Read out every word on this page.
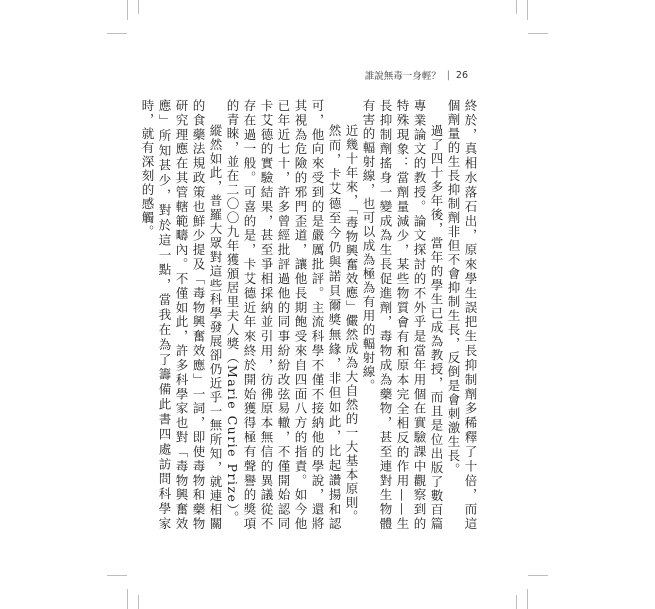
誰說無毒一身輕？ | 26

終於，真相水落石出，原來學生誤把生長抑制劑多稀釋了十倍，而這個劑量的生長抑制劑非但不會抑制生長，反倒是會刺激生長。

過了四十多年後，當年的學生已成為教授，而且是位出版了數百篇專業論文的教授。論文探討的不外乎是當年用個在實驗課中觀察到的特殊現象：當劑量減少，某些物質會有和原本完全相反的作用——生長抑制劑搖身一變成為生長促進劑，毒物成為藥物，甚至連對生物體有害的輻射線，也可以成為極為有用的輻射線。

近幾十年來，「毒物興奮效應」儼然成為大自然的一大基本原則。

然而，卡艾德至今仍與諾貝爾獎無緣，非但如此，比起讚揚和認可，他向來受到的是嚴厲批評。主流科學不僅不接納他的學說，還將其視為危險的邪門歪道，讓他長期飽受來自四面八方的指責。如今他已年近七十，許多曾經批評過他的同事紛紛改弦易轍，不僅開始認同卡艾德的實驗結果，甚至爭相採納並引用，彷彿原本無信的異議從不存在過一般。可喜的是，卡艾德近年來終於開始獲得極有聲譽的獎項的青睞，並在二〇〇九年獲頒居里夫人獎（Marie Curie Prize）。

縱然如此，普羅大眾對這些科學發展卻仍近乎一無所知，就連相關的食藥法規政策也鮮少提及「毒物興奮效應」一詞，即使毒物和藥物研究理應在其管轄範疇內。不僅如此，許多科學家也對「毒物興奮效應」所知甚少，對於這一點，當我在為了籌備此書四處訪問科學家時，就有深刻的感觸。
